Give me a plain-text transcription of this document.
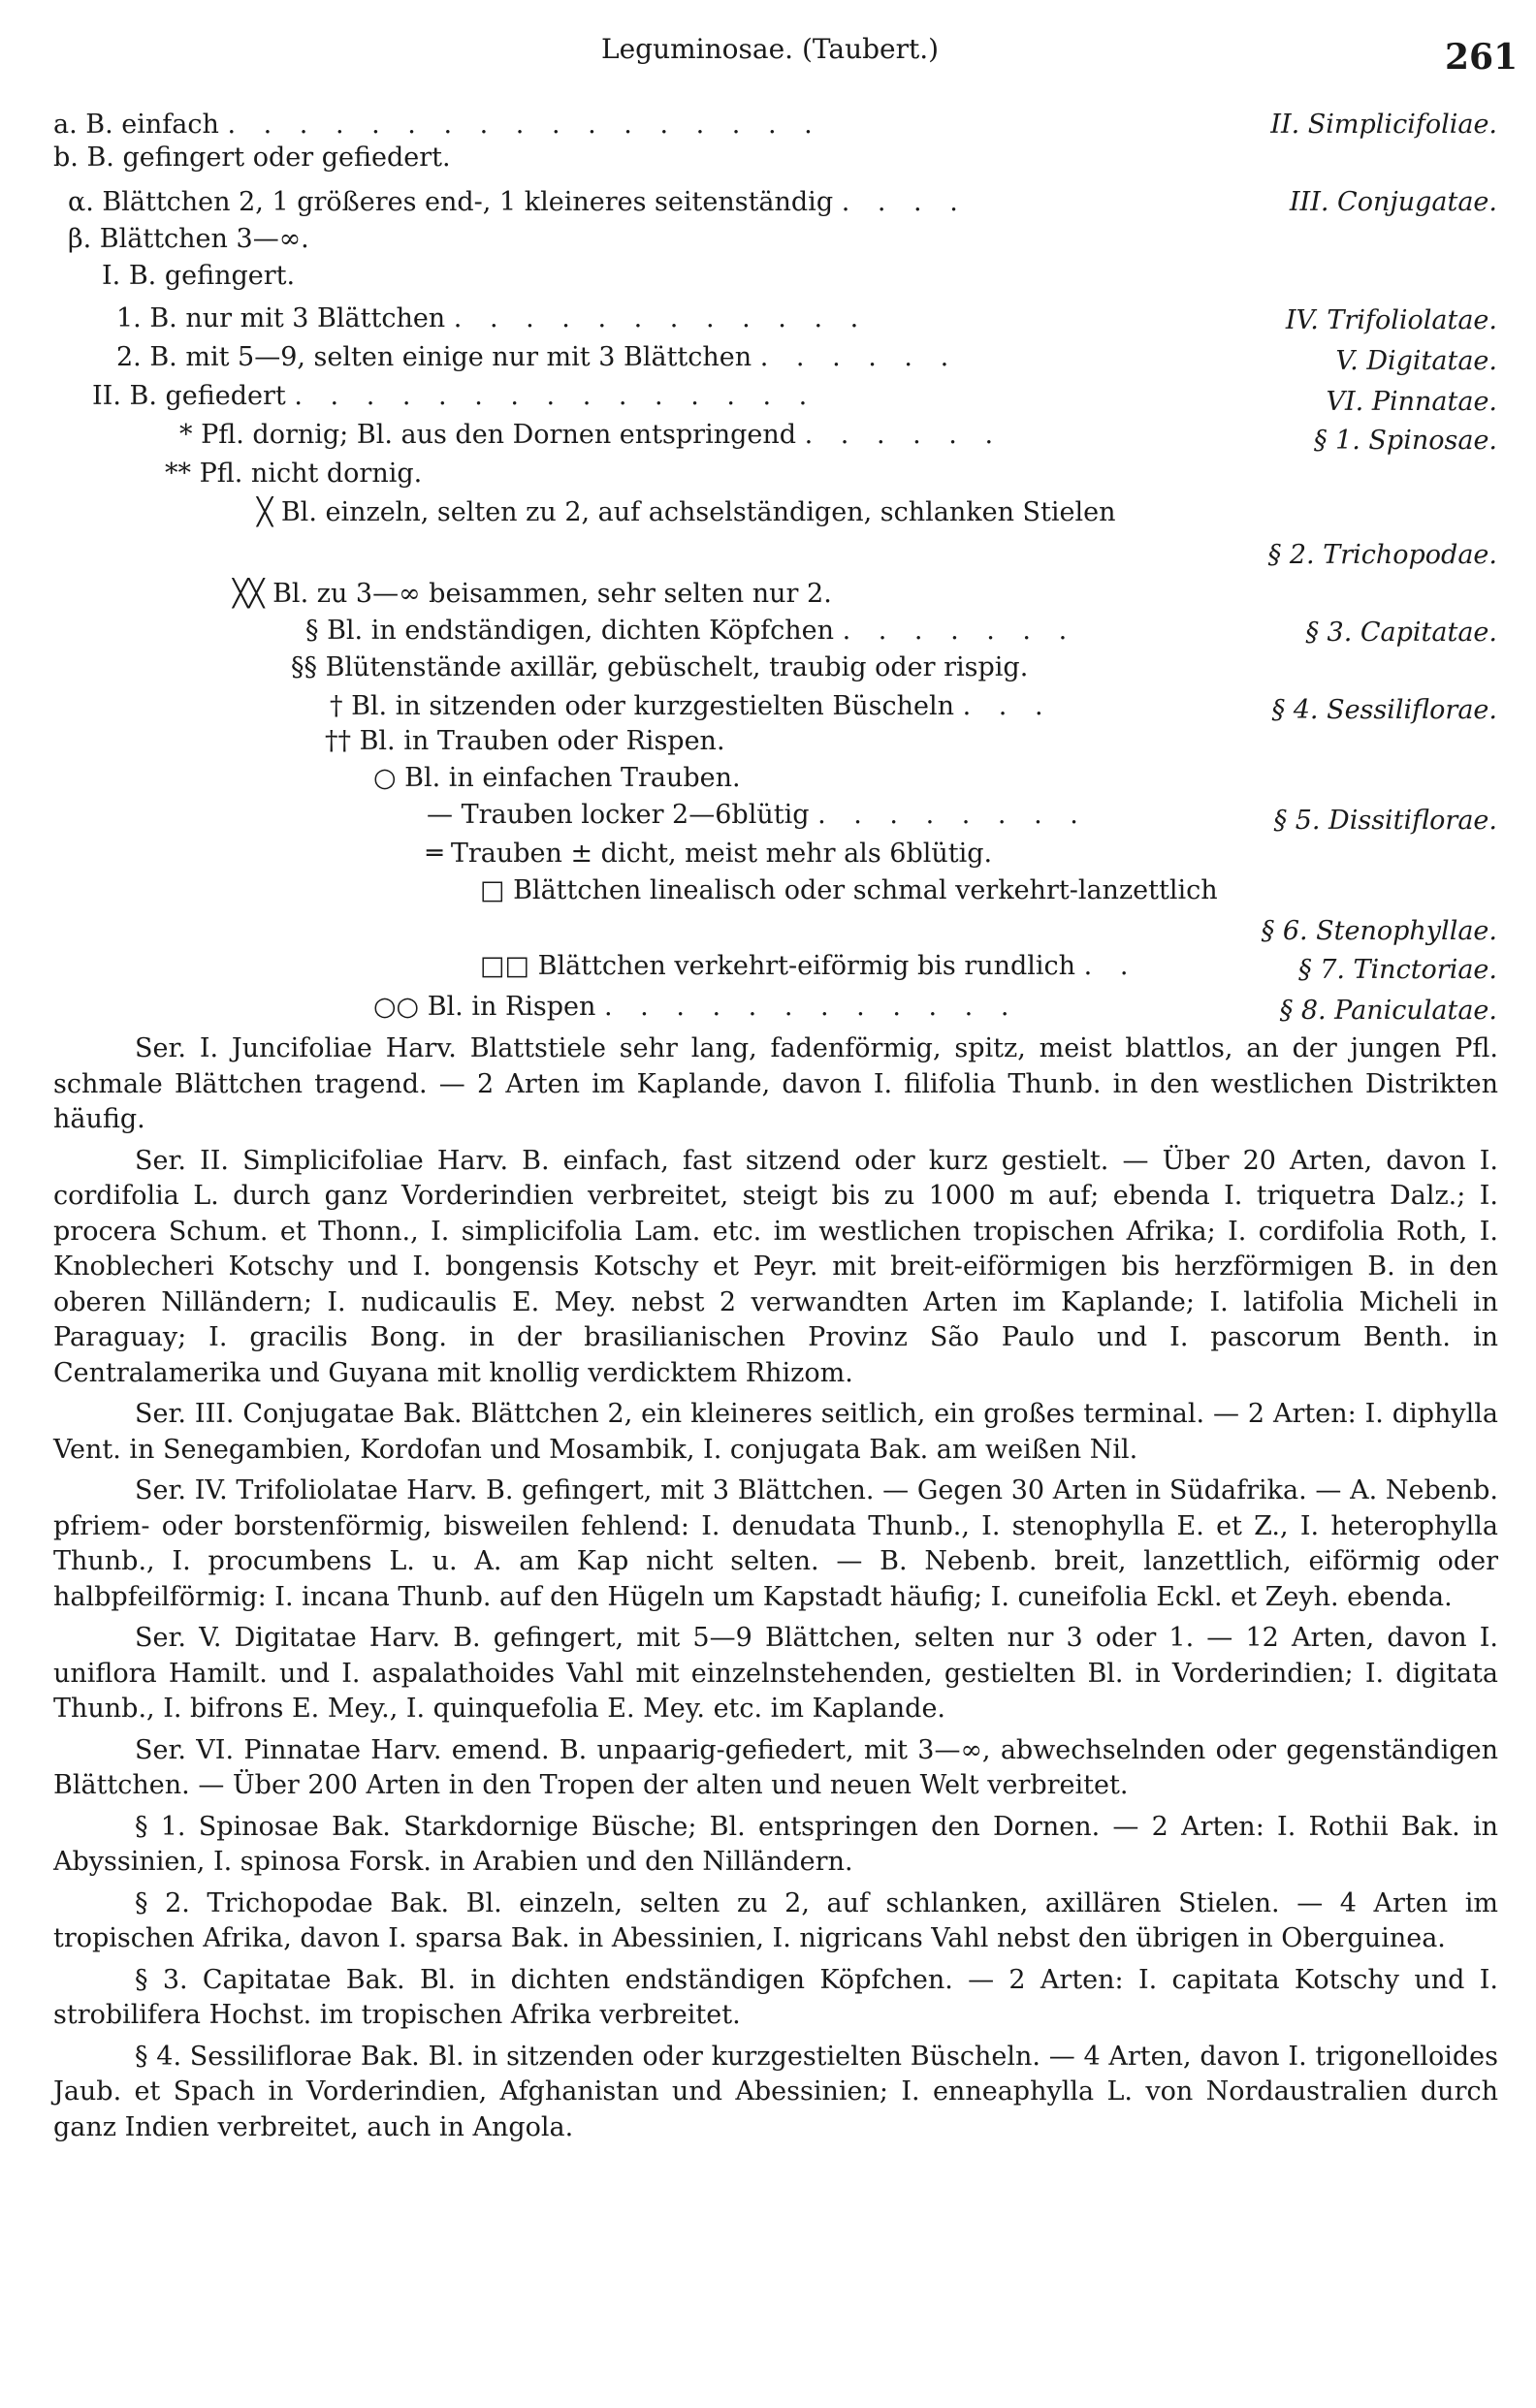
Leguminosae. (Taubert.)	261
a. B. einfach . . . . . . . . . . . . . . . . .	II. Simplicifoliae.
b. B. gefingert oder gefiedert.
α. Blättchen 2, 1 größeres end-, 1 kleineres seitenständig . . . .	III. Conjugatae.
β. Blättchen 3—∞.
I. B. gefingert.
1. B. nur mit 3 Blättchen . . . . . . . . . . . .	IV. Trifoliolatae.
2. B. mit 5—9, selten einige nur mit 3 Blättchen . . . . . .	V. Digitatae.
II. B. gefiedert . . . . . . . . . . . . . . .	VI. Pinnatae.
* Pfl. dornig; Bl. aus den Dornen entspringend . . . . . .	§ 1. Spinosae.
** Pfl. nicht dornig.
╳ Bl. einzeln, selten zu 2, auf achselständigen, schlanken Stielen
§ 2. Trichopodae.
╳╳ Bl. zu 3—∞ beisammen, sehr selten nur 2.
§ Bl. in endständigen, dichten Köpfchen . . . . . . .	§ 3. Capitatae.
§§ Blütenstände axillär, gebüschelt, traubig oder rispig.
† Bl. in sitzenden oder kurzgestielten Büscheln . . .	§ 4. Sessiliflorae.
†† Bl. in Trauben oder Rispen.
○ Bl. in einfachen Trauben.
— Trauben locker 2—6blütig . . . . . . . .	§ 5. Dissitiflorae.
═ Trauben ± dicht, meist mehr als 6blütig.
□ Blättchen linealisch oder schmal verkehrt-lanzettlich
§ 6. Stenophyllae.
□□ Blättchen verkehrt-eiförmig bis rundlich . .	§ 7. Tinctoriae.
○○ Bl. in Rispen . . . . . . . . . . . .	§ 8. Paniculatae.

Ser. I. Juncifoliae Harv. Blattstiele sehr lang, fadenförmig, spitz, meist blattlos, an der jungen Pfl. schmale Blättchen tragend. — 2 Arten im Kaplande, davon I. filifolia Thunb. in den westlichen Distrikten häufig.

Ser. II. Simplicifoliae Harv. B. einfach, fast sitzend oder kurz gestielt. — Über 20 Arten, davon I. cordifolia L. durch ganz Vorderindien verbreitet, steigt bis zu 1000 m auf; ebenda I. triquetra Dalz.; I. procera Schum. et Thonn., I. simplicifolia Lam. etc. im westlichen tropischen Afrika; I. cordifolia Roth, I. Knoblecheri Kotschy und I. bongensis Kotschy et Peyr. mit breit-eiförmigen bis herzförmigen B. in den oberen Nilländern; I. nudicaulis E. Mey. nebst 2 verwandten Arten im Kaplande; I. latifolia Micheli in Paraguay; I. gracilis Bong. in der brasilianischen Provinz São Paulo und I. pascorum Benth. in Centralamerika und Guyana mit knollig verdicktem Rhizom.

Ser. III. Conjugatae Bak. Blättchen 2, ein kleineres seitlich, ein großes terminal. — 2 Arten: I. diphylla Vent. in Senegambien, Kordofan und Mosambik, I. conjugata Bak. am weißen Nil.

Ser. IV. Trifoliolatae Harv. B. gefingert, mit 3 Blättchen. — Gegen 30 Arten in Südafrika. — A. Nebenb. pfriem- oder borstenförmig, bisweilen fehlend: I. denudata Thunb., I. stenophylla E. et Z., I. heterophylla Thunb., I. procumbens L. u. A. am Kap nicht selten. — B. Nebenb. breit, lanzettlich, eiförmig oder halbpfeilförmig: I. incana Thunb. auf den Hügeln um Kapstadt häufig; I. cuneifolia Eckl. et Zeyh. ebenda.

Ser. V. Digitatae Harv. B. gefingert, mit 5—9 Blättchen, selten nur 3 oder 1. — 12 Arten, davon I. uniflora Hamilt. und I. aspalathoides Vahl mit einzelnstehenden, gestielten Bl. in Vorderindien; I. digitata Thunb., I. bifrons E. Mey., I. quinquefolia E. Mey. etc. im Kaplande.

Ser. VI. Pinnatae Harv. emend. B. unpaarig-gefiedert, mit 3—∞, abwechselnden oder gegenständigen Blättchen. — Über 200 Arten in den Tropen der alten und neuen Welt verbreitet.

§ 1. Spinosae Bak. Starkdornige Büsche; Bl. entspringen den Dornen. — 2 Arten: I. Rothii Bak. in Abyssinien, I. spinosa Forsk. in Arabien und den Nilländern.

§ 2. Trichopodae Bak. Bl. einzeln, selten zu 2, auf schlanken, axillären Stielen. — 4 Arten im tropischen Afrika, davon I. sparsa Bak. in Abessinien, I. nigricans Vahl nebst den übrigen in Oberguinea.

§ 3. Capitatae Bak. Bl. in dichten endständigen Köpfchen. — 2 Arten: I. capitata Kotschy und I. strobilifera Hochst. im tropischen Afrika verbreitet.

§ 4. Sessiliflorae Bak. Bl. in sitzenden oder kurzgestielten Büscheln. — 4 Arten, davon I. trigonelloides Jaub. et Spach in Vorderindien, Afghanistan und Abessinien; I. enneaphylla L. von Nordaustralien durch ganz Indien verbreitet, auch in Angola.
